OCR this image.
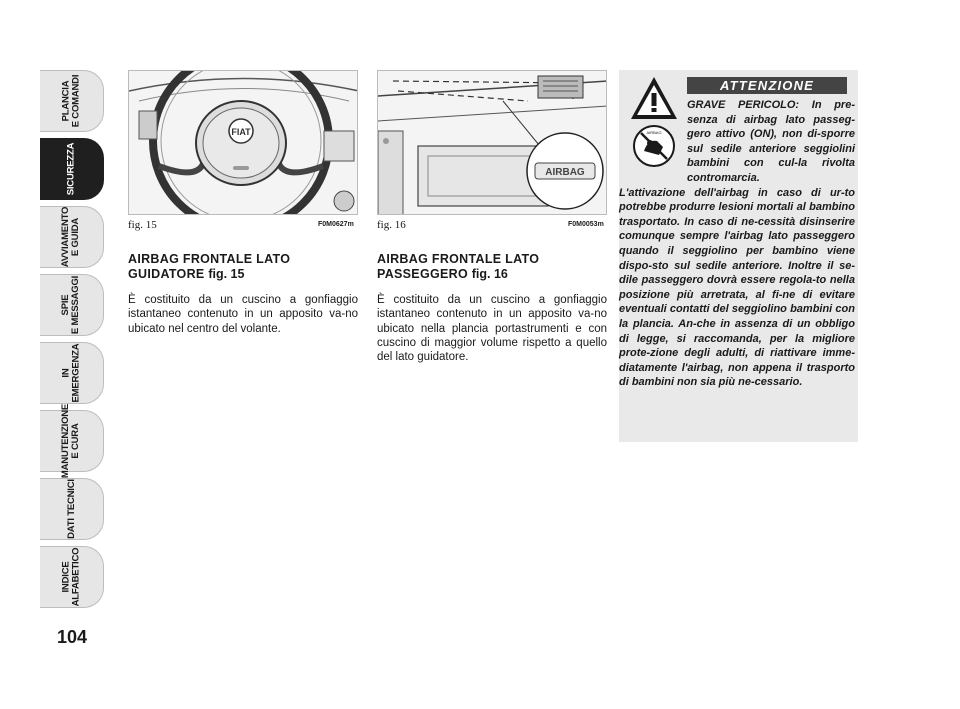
PLANCIA
E COMANDI
SICUREZZA
AVVIAMENTO
E GUIDA
SPIE
E MESSAGGI
IN
EMERGENZA
MANUTENZIONE
E CURA
DATI TECNICI
INDICE
ALFABETICO
104
FIAT
fig. 15	F0M0627m
AIRBAG
fig. 16	F0M0053m
AIRBAG FRONTALE LATO
GUIDATORE fig. 15
È costituito da un cuscino a gonfiaggio istantaneo contenuto in un apposito va-no ubicato nel centro del volante.
AIRBAG FRONTALE LATO
PASSEGGERO fig. 16
È costituito da un cuscino a gonfiaggio istantaneo contenuto in un apposito va-no ubicato nella plancia portastrumenti e con cuscino di maggior volume rispetto a quello del lato guidatore.
ATTENZIONE
AIRBAG
GRAVE PERICOLO: In pre-senza di airbag lato passeg-gero attivo (ON), non di-sporre sul sedile anteriore seggiolini bambini con cul-la rivolta contromarcia.
L'attivazione dell'airbag in caso di ur-to potrebbe produrre lesioni mortali al bambino trasportato. In caso di ne-cessità disinserire comunque sempre l'airbag lato passeggero quando il seggiolino per bambino viene dispo-sto sul sedile anteriore. Inoltre il se-dile passeggero dovrà essere regola-to nella posizione più arretrata, al fi-ne di evitare eventuali contatti del seggiolino bambini con la plancia. An-che in assenza di un obbligo di legge, si raccomanda, per la migliore prote-zione degli adulti, di riattivare imme-diatamente l'airbag, non appena il trasporto di bambini non sia più ne-cessario.
